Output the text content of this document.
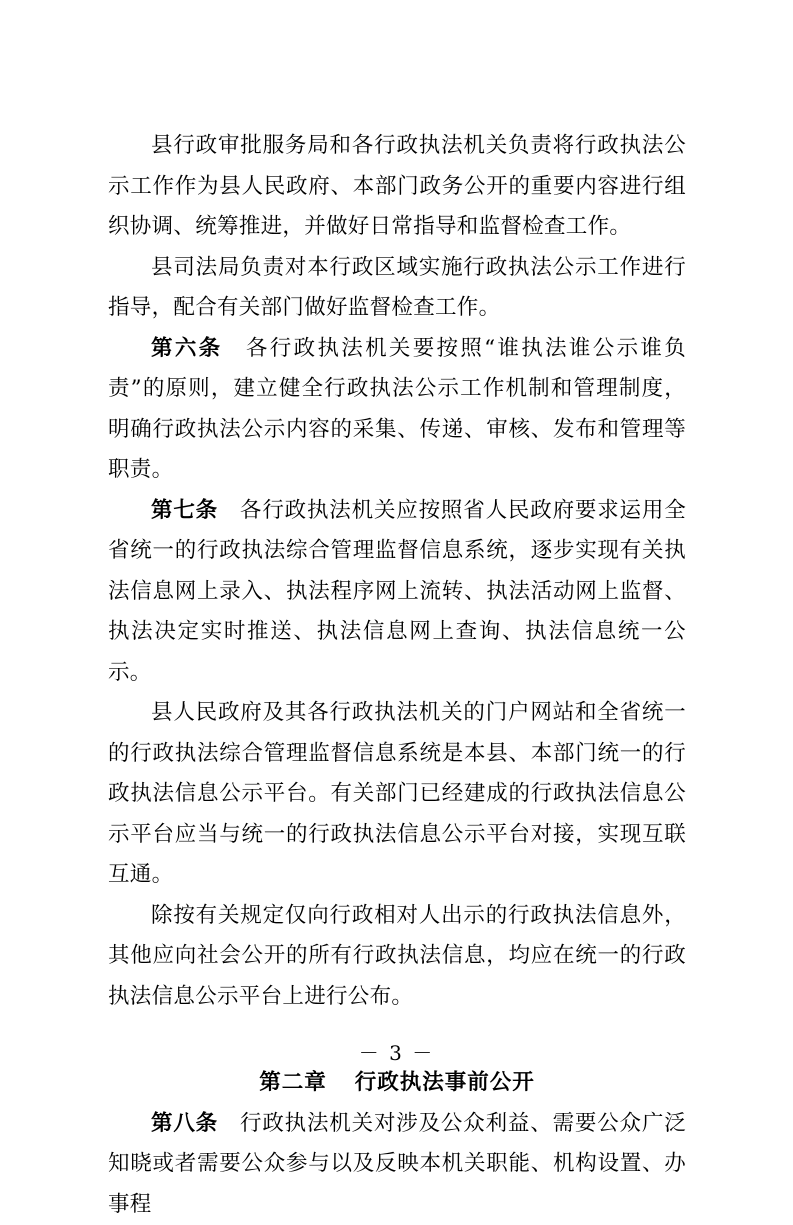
县行政审批服务局和各行政执法机关负责将行政执法公示工作作为县人民政府、本部门政务公开的重要内容进行组织协调、统筹推进，并做好日常指导和监督检查工作。

县司法局负责对本行政区域实施行政执法公示工作进行指导，配合有关部门做好监督检查工作。

第六条 各行政执法机关要按照“谁执法谁公示谁负责”的原则，建立健全行政执法公示工作机制和管理制度，明确行政执法公示内容的采集、传递、审核、发布和管理等职责。

第七条 各行政执法机关应按照省人民政府要求运用全省统一的行政执法综合管理监督信息系统，逐步实现有关执法信息网上录入、执法程序网上流转、执法活动网上监督、执法决定实时推送、执法信息网上查询、执法信息统一公示。

县人民政府及其各行政执法机关的门户网站和全省统一的行政执法综合管理监督信息系统是本县、本部门统一的行政执法信息公示平台。有关部门已经建成的行政执法信息公示平台应当与统一的行政执法信息公示平台对接，实现互联互通。

除按有关规定仅向行政相对人出示的行政执法信息外，其他应向社会公开的所有行政执法信息，均应在统一的行政执法信息公示平台上进行公布。

第二章 行政执法事前公开

第八条 行政执法机关对涉及公众利益、需要公众广泛知晓或者需要公众参与以及反映本机关职能、机构设置、办事程

－ 3 －
